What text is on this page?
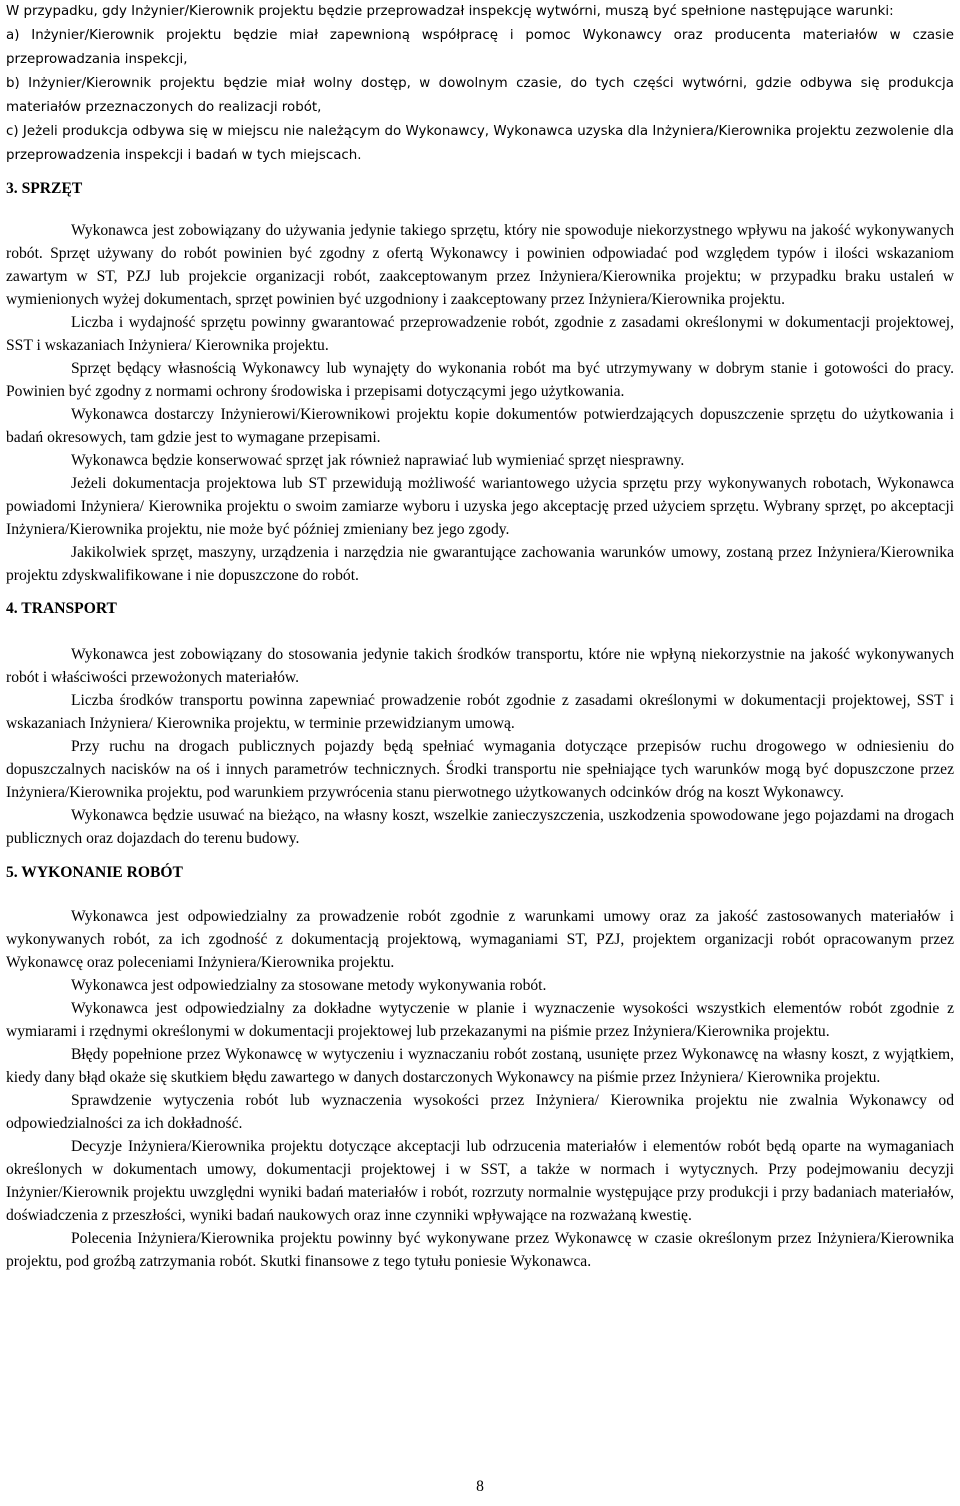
W przypadku, gdy Inżynier/Kierownik projektu będzie przeprowadzał inspekcję wytwórni, muszą być spełnione następujące warunki:

a) Inżynier/Kierownik projektu będzie miał zapewnioną współpracę i pomoc Wykonawcy oraz producenta materiałów w czasie przeprowadzania inspekcji,

b) Inżynier/Kierownik projektu będzie miał wolny dostęp, w dowolnym czasie, do tych części wytwórni, gdzie odbywa się produkcja materiałów przeznaczonych do realizacji robót,

c) Jeżeli produkcja odbywa się w miejscu nie należącym do Wykonawcy, Wykonawca uzyska dla Inżyniera/Kierownika projektu zezwolenie dla przeprowadzenia inspekcji i badań w tych miejscach.

3. SPRZĘT

Wykonawca jest zobowiązany do używania jedynie takiego sprzętu, który nie spowoduje niekorzystnego wpływu na jakość wykonywanych robót. Sprzęt używany do robót powinien być zgodny z ofertą Wykonawcy i powinien odpowiadać pod względem typów i ilości wskazaniom zawartym w ST, PZJ lub projekcie organizacji robót, zaakceptowanym przez Inżyniera/Kierownika projektu; w przypadku braku ustaleń w wymienionych wyżej dokumentach, sprzęt powinien być uzgodniony i zaakceptowany przez Inżyniera/Kierownika projektu.

Liczba i wydajność sprzętu powinny gwarantować przeprowadzenie robót, zgodnie z zasadami określonymi w dokumentacji projektowej, SST i wskazaniach Inżyniera/ Kierownika projektu.

Sprzęt będący własnością Wykonawcy lub wynajęty do wykonania robót ma być utrzymywany w dobrym stanie i gotowości do pracy. Powinien być zgodny z normami ochrony środowiska i przepisami dotyczącymi jego użytkowania.

Wykonawca dostarczy Inżynierowi/Kierownikowi projektu kopie dokumentów potwierdzających dopuszczenie sprzętu do użytkowania i badań okresowych, tam gdzie jest to wymagane przepisami.

Wykonawca będzie konserwować sprzęt jak również naprawiać lub wymieniać sprzęt niesprawny.

Jeżeli dokumentacja projektowa lub ST przewidują możliwość wariantowego użycia sprzętu przy wykonywanych robotach, Wykonawca powiadomi Inżyniera/ Kierownika projektu o swoim zamiarze wyboru i uzyska jego akceptację przed użyciem sprzętu. Wybrany sprzęt, po akceptacji Inżyniera/Kierownika projektu, nie może być później zmieniany bez jego zgody.

Jakikolwiek sprzęt, maszyny, urządzenia i narzędzia nie gwarantujące zachowania warunków umowy, zostaną przez Inżyniera/Kierownika projektu zdyskwalifikowane i nie dopuszczone do robót.

4. TRANSPORT

Wykonawca jest zobowiązany do stosowania jedynie takich środków transportu, które nie wpłyną niekorzystnie na jakość wykonywanych robót i właściwości przewożonych materiałów.

Liczba środków transportu powinna zapewniać prowadzenie robót zgodnie z zasadami określonymi w dokumentacji projektowej, SST i wskazaniach Inżyniera/ Kierownika projektu, w terminie przewidzianym umową.

Przy ruchu na drogach publicznych pojazdy będą spełniać wymagania dotyczące przepisów ruchu drogowego w odniesieniu do dopuszczalnych nacisków na oś i innych parametrów technicznych. Środki transportu nie spełniające tych warunków mogą być dopuszczone przez Inżyniera/Kierownika projektu, pod warunkiem przywrócenia stanu pierwotnego użytkowanych odcinków dróg na koszt Wykonawcy.

Wykonawca będzie usuwać na bieżąco, na własny koszt, wszelkie zanieczyszczenia, uszkodzenia spowodowane jego pojazdami na drogach publicznych oraz dojazdach do terenu budowy.

5. WYKONANIE ROBÓT

Wykonawca jest odpowiedzialny za prowadzenie robót zgodnie z warunkami umowy oraz za jakość zastosowanych materiałów i wykonywanych robót, za ich zgodność z dokumentacją projektową, wymaganiami ST, PZJ, projektem organizacji robót opracowanym przez Wykonawcę oraz poleceniami Inżyniera/Kierownika projektu.

Wykonawca jest odpowiedzialny za stosowane metody wykonywania robót.

Wykonawca jest odpowiedzialny za dokładne wytyczenie w planie i wyznaczenie wysokości wszystkich elementów robót zgodnie z wymiarami i rzędnymi określonymi w dokumentacji projektowej lub przekazanymi na piśmie przez Inżyniera/Kierownika projektu.

Błędy popełnione przez Wykonawcę w wytyczeniu i wyznaczaniu robót zostaną, usunięte przez Wykonawcę na własny koszt, z wyjątkiem, kiedy dany błąd okaże się skutkiem błędu zawartego w danych dostarczonych Wykonawcy na piśmie przez Inżyniera/ Kierownika projektu.

Sprawdzenie wytyczenia robót lub wyznaczenia wysokości przez Inżyniera/ Kierownika projektu nie zwalnia Wykonawcy od odpowiedzialności za ich dokładność.

Decyzje Inżyniera/Kierownika projektu dotyczące akceptacji lub odrzucenia materiałów i elementów robót będą oparte na wymaganiach określonych w dokumentach umowy, dokumentacji projektowej i w SST, a także w normach i wytycznych. Przy podejmowaniu decyzji Inżynier/Kierownik projektu uwzględni wyniki badań materiałów i robót, rozrzuty normalnie występujące przy produkcji i przy badaniach materiałów, doświadczenia z przeszłości, wyniki badań naukowych oraz inne czynniki wpływające na rozważaną kwestię.

Polecenia Inżyniera/Kierownika projektu powinny być wykonywane przez Wykonawcę w czasie określonym przez Inżyniera/Kierownika projektu, pod groźbą zatrzymania robót. Skutki finansowe z tego tytułu poniesie Wykonawca.

8
